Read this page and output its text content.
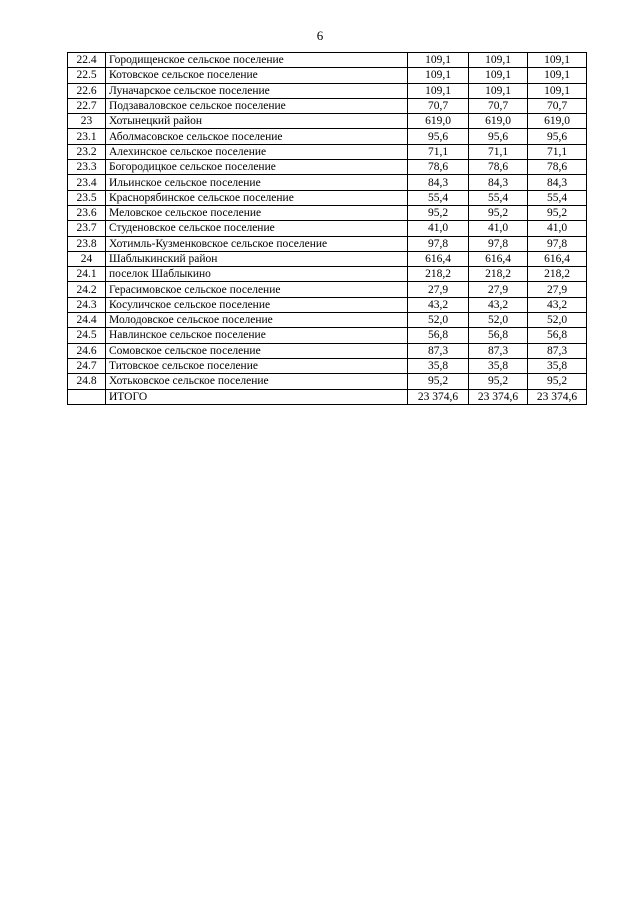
6
22.4	Городищенское сельское поселение	109,1	109,1	109,1
22.5	Котовское сельское поселение	109,1	109,1	109,1
22.6	Луначарское сельское поселение	109,1	109,1	109,1
22.7	Подзаваловское сельское поселение	70,7	70,7	70,7
23	Хотынецкий район	619,0	619,0	619,0
23.1	Аболмасовское сельское поселение	95,6	95,6	95,6
23.2	Алехинское сельское поселение	71,1	71,1	71,1
23.3	Богородицкое сельское поселение	78,6	78,6	78,6
23.4	Ильинское сельское поселение	84,3	84,3	84,3
23.5	Краснорябинское сельское поселение	55,4	55,4	55,4
23.6	Меловское сельское поселение	95,2	95,2	95,2
23.7	Студеновское сельское поселение	41,0	41,0	41,0
23.8	Хотимль-Кузменковское сельское поселение	97,8	97,8	97,8
24	Шаблыкинский район	616,4	616,4	616,4
24.1	поселок Шаблыкино	218,2	218,2	218,2
24.2	Герасимовское сельское поселение	27,9	27,9	27,9
24.3	Косуличское сельское поселение	43,2	43,2	43,2
24.4	Молодовское сельское поселение	52,0	52,0	52,0
24.5	Навлинское сельское поселение	56,8	56,8	56,8
24.6	Сомовское сельское поселение	87,3	87,3	87,3
24.7	Титовское сельское поселение	35,8	35,8	35,8
24.8	Хотьковское сельское поселение	95,2	95,2	95,2
	ИТОГО	23 374,6	23 374,6	23 374,6
